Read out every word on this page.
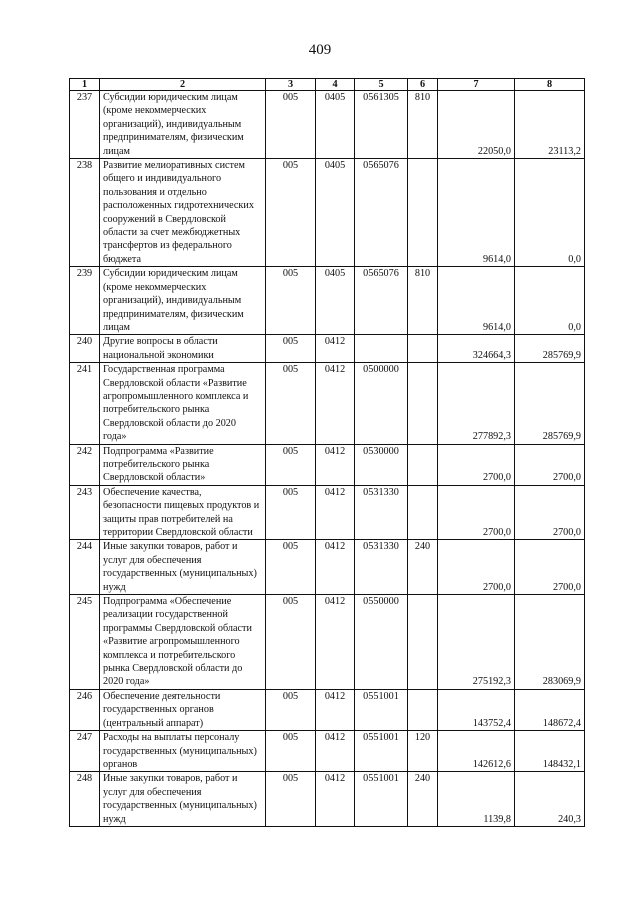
409
1	2	3	4	5	6	7	8
237	Субсидии юридическим лицам (кроме некоммерческих организаций), индивидуальным предпринимателям, физическим лицам	005	0405	0561305	810	22050,0	23113,2
238	Развитие мелиоративных систем общего и индивидуального пользования и отдельно расположенных гидротехнических сооружений в Свердловской области за счет межбюджетных трансфертов из федерального бюджета	005	0405	0565076		9614,0	0,0
239	Субсидии юридическим лицам (кроме некоммерческих организаций), индивидуальным предпринимателям, физическим лицам	005	0405	0565076	810	9614,0	0,0
240	Другие вопросы в области национальной экономики	005	0412			324664,3	285769,9
241	Государственная программа Свердловской области «Развитие агропромышленного комплекса и потребительского рынка Свердловской области до 2020 года»	005	0412	0500000		277892,3	285769,9
242	Подпрограмма «Развитие потребительского рынка Свердловской области»	005	0412	0530000		2700,0	2700,0
243	Обеспечение качества, безопасности пищевых продуктов и защиты прав потребителей на территории Свердловской области	005	0412	0531330		2700,0	2700,0
244	Иные закупки товаров, работ и услуг для обеспечения государственных (муниципальных) нужд	005	0412	0531330	240	2700,0	2700,0
245	Подпрограмма «Обеспечение реализации государственной программы Свердловской области «Развитие агропромышленного комплекса и потребительского рынка Свердловской области до 2020 года»	005	0412	0550000		275192,3	283069,9
246	Обеспечение деятельности государственных органов (центральный аппарат)	005	0412	0551001		143752,4	148672,4
247	Расходы на выплаты персоналу государственных (муниципальных) органов	005	0412	0551001	120	142612,6	148432,1
248	Иные закупки товаров, работ и услуг для обеспечения государственных (муниципальных) нужд	005	0412	0551001	240	1139,8	240,3
